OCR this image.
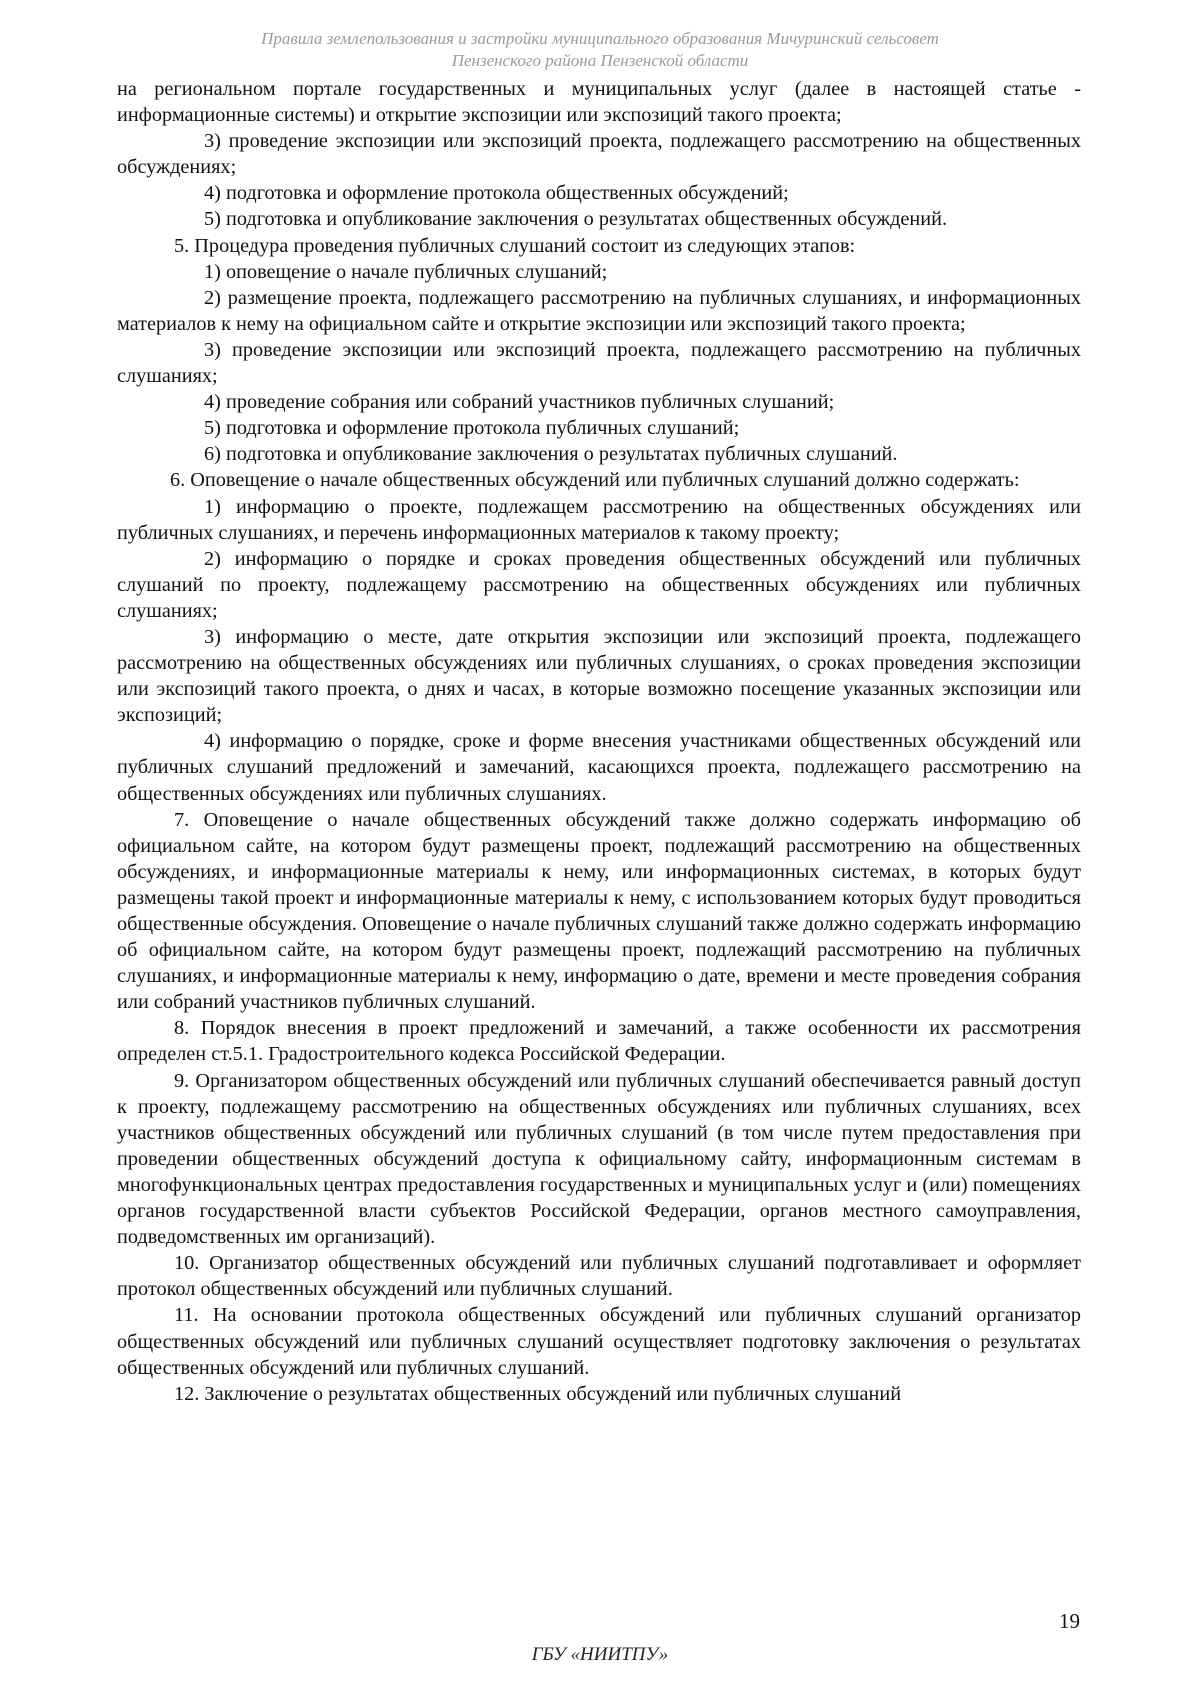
Правила землепользования и застройки муниципального образования Мичуринский сельсовет
Пензенского района Пензенской области

на региональном портале государственных и муниципальных услуг (далее в настоящей статье - информационные системы) и открытие экспозиции или экспозиций такого проекта;

3) проведение экспозиции или экспозиций проекта, подлежащего рассмотрению на общественных обсуждениях;

4) подготовка и оформление протокола общественных обсуждений;

5) подготовка и опубликование заключения о результатах общественных обсуждений.

5. Процедура проведения публичных слушаний состоит из следующих этапов:

1) оповещение о начале публичных слушаний;

2) размещение проекта, подлежащего рассмотрению на публичных слушаниях, и информационных материалов к нему на официальном сайте и открытие экспозиции или экспозиций такого проекта;

3) проведение экспозиции или экспозиций проекта, подлежащего рассмотрению на публичных слушаниях;

4) проведение собрания или собраний участников публичных слушаний;

5) подготовка и оформление протокола публичных слушаний;

6) подготовка и опубликование заключения о результатах публичных слушаний.

6. Оповещение о начале общественных обсуждений или публичных слушаний должно содержать:

1) информацию о проекте, подлежащем рассмотрению на общественных обсуждениях или публичных слушаниях, и перечень информационных материалов к такому проекту;

2) информацию о порядке и сроках проведения общественных обсуждений или публичных слушаний по проекту, подлежащему рассмотрению на общественных обсуждениях или публичных слушаниях;

3) информацию о месте, дате открытия экспозиции или экспозиций проекта, подлежащего рассмотрению на общественных обсуждениях или публичных слушаниях, о сроках проведения экспозиции или экспозиций такого проекта, о днях и часах, в которые возможно посещение указанных экспозиции или экспозиций;

4) информацию о порядке, сроке и форме внесения участниками общественных обсуждений или публичных слушаний предложений и замечаний, касающихся проекта, подлежащего рассмотрению на общественных обсуждениях или публичных слушаниях.

7. Оповещение о начале общественных обсуждений также должно содержать информацию об официальном сайте, на котором будут размещены проект, подлежащий рассмотрению на общественных обсуждениях, и информационные материалы к нему, или информационных системах, в которых будут размещены такой проект и информационные материалы к нему, с использованием которых будут проводиться общественные обсуждения. Оповещение о начале публичных слушаний также должно содержать информацию об официальном сайте, на котором будут размещены проект, подлежащий рассмотрению на публичных слушаниях, и информационные материалы к нему, информацию о дате, времени и месте проведения собрания или собраний участников публичных слушаний.

8. Порядок внесения в проект предложений и замечаний, а также особенности их рассмотрения определен ст.5.1. Градостроительного кодекса Российской Федерации.

9. Организатором общественных обсуждений или публичных слушаний обеспечивается равный доступ к проекту, подлежащему рассмотрению на общественных обсуждениях или публичных слушаниях, всех участников общественных обсуждений или публичных слушаний (в том числе путем предоставления при проведении общественных обсуждений доступа к официальному сайту, информационным системам в многофункциональных центрах предоставления государственных и муниципальных услуг и (или) помещениях органов государственной власти субъектов Российской Федерации, органов местного самоуправления, подведомственных им организаций).

10. Организатор общественных обсуждений или публичных слушаний подготавливает и оформляет протокол общественных обсуждений или публичных слушаний.

11. На основании протокола общественных обсуждений или публичных слушаний организатор общественных обсуждений или публичных слушаний осуществляет подготовку заключения о результатах общественных обсуждений или публичных слушаний.

12. Заключение о результатах общественных обсуждений или публичных слушаний

19
ГБУ «НИИТПУ»
